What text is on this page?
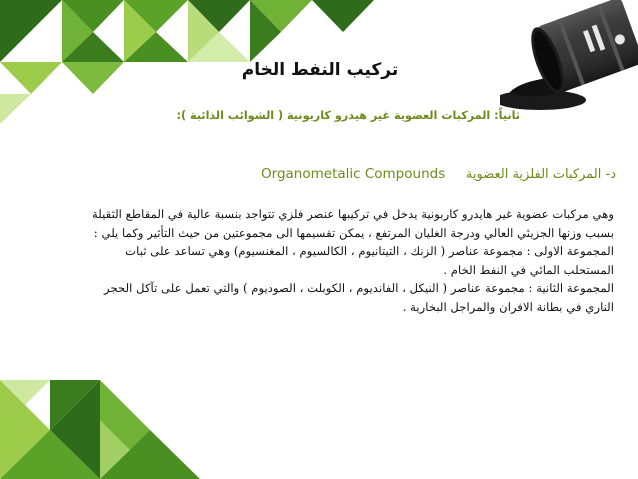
تركيب النفط الخام
ثانياً: المركبات العضوية غير هيدرو كاربونية ( الشوائب الذائبة ):
د- المركبات الفلزية العضوية     Organometalic Compounds

وهي مركبات عضوية غير هايدرو كاربونية يدخل في تركيبها عنصر فلزي تتواجد بنسبة عالية في المقاطع الثقيلة بسبب وزنها الجزيئي العالي ودرجة الغليان المرتفع ، يمكن تقسيمها الى مجموعتين من حيث التأثير وكما يلي :

المجموعة الاولى : مجموعة عناصر ( الزنك ، التيتانيوم ، الكالسيوم ، المغنسيوم) وهي تساعد على ثبات المستحلب المائي في النفط الخام .

المجموعة الثانية : مجموعة عناصر ( النيكل ، الفانديوم ، الكوبلت ، الصوديوم ) والتي تعمل على تآكل الحجر الناري في بطانة الافران والمراجل البخارية .
